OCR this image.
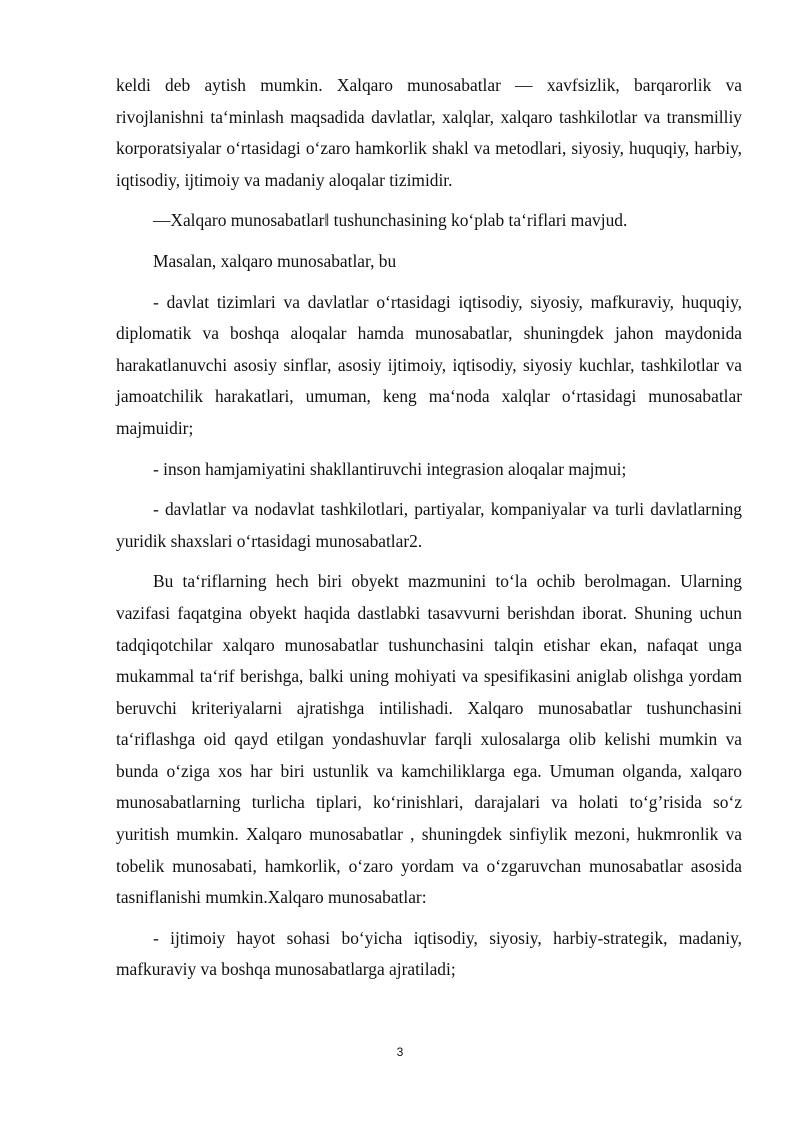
keldi deb aytish mumkin. Xalqaro munosabatlar — xavfsizlik, barqarorlik va rivojlanishni ta‘minlash maqsadida davlatlar, xalqlar, xalqaro tashkilotlar va transmilliy korporatsiyalar o‘rtasidagi o‘zaro hamkorlik shakl va metodlari, siyosiy, huquqiy, harbiy, iqtisodiy, ijtimoiy va madaniy aloqalar tizimidir.

―Xalqaro munosabatlar‖ tushunchasining ko‘plab ta‘riflari mavjud.

Masalan, xalqaro munosabatlar, bu

- davlat tizimlari va davlatlar o‘rtasidagi iqtisodiy, siyosiy, mafkuraviy, huquqiy, diplomatik va boshqa aloqalar hamda munosabatlar, shuningdek jahon maydonida harakatlanuvchi asosiy sinflar, asosiy ijtimoiy, iqtisodiy, siyosiy kuchlar, tashkilotlar va jamoatchilik harakatlari, umuman, keng ma‘noda xalqlar o‘rtasidagi munosabatlar majmuidir;

- inson hamjamiyatini shakllantiruvchi integrasion aloqalar majmui;

- davlatlar va nodavlat tashkilotlari, partiyalar, kompaniyalar va turli davlatlarning yuridik shaxslari o‘rtasidagi munosabatlar2.

Bu ta‘riflarning hech biri obyekt mazmunini to‘la ochib berolmagan. Ularning vazifasi faqatgina obyekt haqida dastlabki tasavvurni berishdan iborat. Shuning uchun tadqiqotchilar xalqaro munosabatlar tushunchasini talqin etishar ekan, nafaqat unga mukammal ta‘rif berishga, balki uning mohiyati va spesifikasini aniglab olishga yordam beruvchi kriteriyalarni ajratishga intilishadi. Xalqaro munosabatlar tushunchasini ta‘riflashga oid qayd etilgan yondashuvlar farqli xulosalarga olib kelishi mumkin va bunda o‘ziga xos har biri ustunlik va kamchiliklarga ega. Umuman olganda, xalqaro munosabatlarning turlicha tiplari, ko‘rinishlari, darajalari va holati to‘g’risida so‘z yuritish mumkin. Xalqaro munosabatlar , shuningdek sinfiylik mezoni, hukmronlik va tobelik munosabati, hamkorlik, o‘zaro yordam va o‘zgaruvchan munosabatlar asosida tasniflanishi mumkin.Xalqaro munosabatlar:

- ijtimoiy hayot sohasi bo‘yicha iqtisodiy, siyosiy, harbiy-strategik, madaniy, mafkuraviy va boshqa munosabatlarga ajratiladi;

3
